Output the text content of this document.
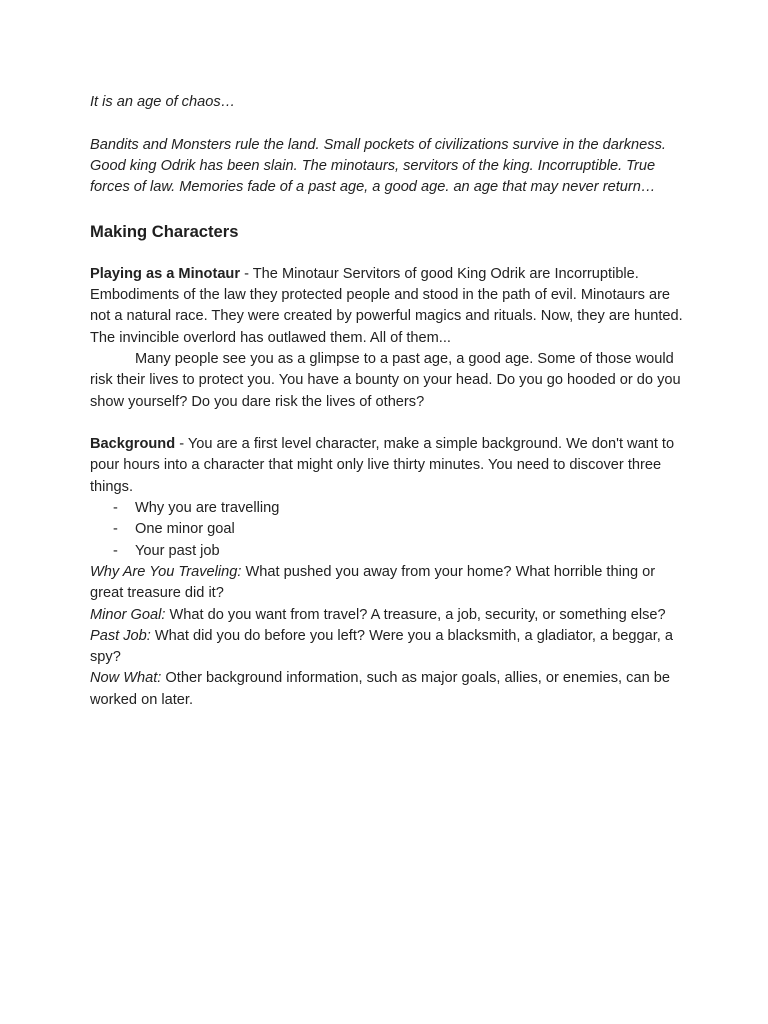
It is an age of chaos…

Bandits and Monsters rule the land. Small pockets of civilizations survive in the darkness. Good king Odrik has been slain. The minotaurs, servitors of the king. Incorruptible. True forces of law. Memories fade of a past age, a good age. an age that may never return…

Making Characters

Playing as a Minotaur - The Minotaur Servitors of good King Odrik are Incorruptible. Embodiments of the law they protected people and stood in the path of evil. Minotaurs are not a natural race. They were created by powerful magics and rituals. Now, they are hunted. The invincible overlord has outlawed them. All of them...

Many people see you as a glimpse to a past age, a good age. Some of those would risk their lives to protect you. You have a bounty on your head. Do you go hooded or do you show yourself? Do you dare risk the lives of others?

Background - You are a first level character, make a simple background. We don't want to pour hours into a character that might only live thirty minutes. You need to discover three things.

- Why you are travelling
- One minor goal
- Your past job

Why Are You Traveling: What pushed you away from your home? What horrible thing or great treasure did it?

Minor Goal: What do you want from travel? A treasure, a job, security, or something else?

Past Job: What did you do before you left? Were you a blacksmith, a gladiator, a beggar, a spy?

Now What: Other background information, such as major goals, allies, or enemies, can be worked on later.
